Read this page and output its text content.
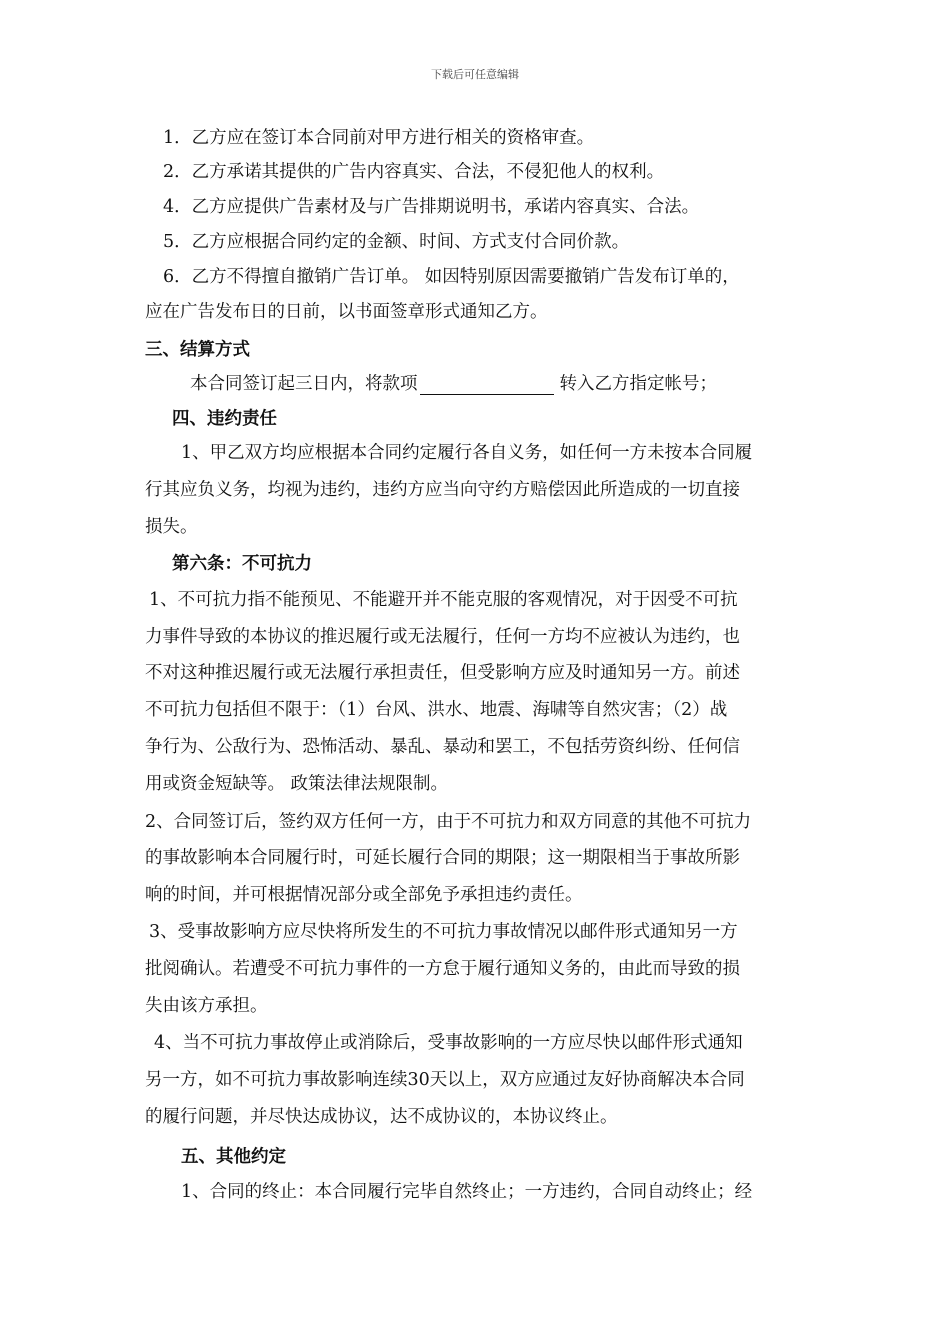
下载后可任意编辑
1．乙方应在签订本合同前对甲方进行相关的资格审查。
2．乙方承诺其提供的广告内容真实、合法，不侵犯他人的权利。
4．乙方应提供广告素材及与广告排期说明书，承诺内容真实、合法。
5．乙方应根据合同约定的金额、时间、方式支付合同价款。
6．乙方不得擅自撤销广告订单。 如因特别原因需要撤销广告发布订单的，
应在广告发布日的日前，以书面签章形式通知乙方。
三、结算方式
本合同签订起三日内，将款项	转入乙方指定帐号；
四、违约责任
1、甲乙双方均应根据本合同约定履行各自义务，如任何一方未按本合同履
行其应负义务，均视为违约，违约方应当向守约方赔偿因此所造成的一切直接
损失。
第六条：不可抗力
1、不可抗力指不能预见、不能避开并不能克服的客观情况，对于因受不可抗
力事件导致的本协议的推迟履行或无法履行，任何一方均不应被认为违约，也
不对这种推迟履行或无法履行承担责任，但受影响方应及时通知另一方。前述
不可抗力包括但不限于：（1）台风、洪水、地震、海啸等自然灾害；（2）战
争行为、公敌行为、恐怖活动、暴乱、暴动和罢工，不包括劳资纠纷、任何信
用或资金短缺等。 政策法律法规限制。
2、合同签订后，签约双方任何一方，由于不可抗力和双方同意的其他不可抗力
的事故影响本合同履行时，可延长履行合同的期限；这一期限相当于事故所影
响的时间，并可根据情况部分或全部免予承担违约责任。
3、受事故影响方应尽快将所发生的不可抗力事故情况以邮件形式通知另一方
批阅确认。若遭受不可抗力事件的一方怠于履行通知义务的，由此而导致的损
失由该方承担。
4、当不可抗力事故停止或消除后，受事故影响的一方应尽快以邮件形式通知
另一方，如不可抗力事故影响连续30天以上，双方应通过友好协商解决本合同
的履行问题，并尽快达成协议，达不成协议的，本协议终止。
五、其他约定
1、合同的终止：本合同履行完毕自然终止；一方违约，合同自动终止；经
